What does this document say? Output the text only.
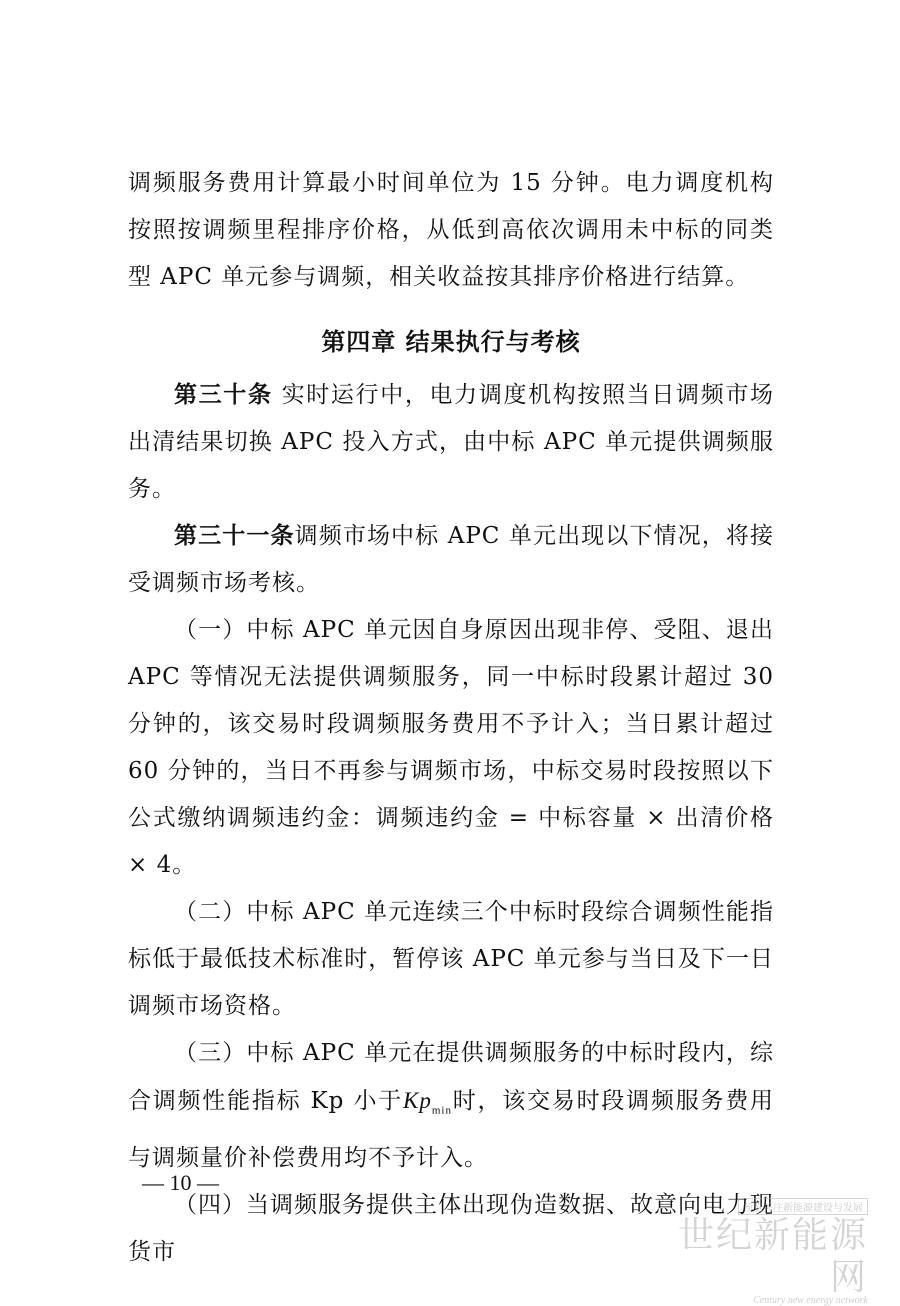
调频服务费用计算最小时间单位为 15 分钟。电力调度机构按照按调频里程排序价格，从低到高依次调用未中标的同类型 APC 单元参与调频，相关收益按其排序价格进行结算。

第四章 结果执行与考核

第三十条 实时运行中，电力调度机构按照当日调频市场出清结果切换 APC 投入方式，由中标 APC 单元提供调频服务。

第三十一条调频市场中标 APC 单元出现以下情况，将接受调频市场考核。

（一）中标 APC 单元因自身原因出现非停、受阻、退出 APC 等情况无法提供调频服务，同一中标时段累计超过 30 分钟的，该交易时段调频服务费用不予计入；当日累计超过 60 分钟的，当日不再参与调频市场，中标交易时段按照以下公式缴纳调频违约金：调频违约金 = 中标容量 × 出清价格 × 4。

（二）中标 APC 单元连续三个中标时段综合调频性能指标低于最低技术标准时，暂停该 APC 单元参与当日及下一日调频市场资格。

（三）中标 APC 单元在提供调频服务的中标时段内，综合调频性能指标 Kp 小于$Kp_{min}$时，该交易时段调频服务费用与调频量价补偿费用均不予计入。

（四）当调频服务提供主体出现伪造数据、故意向电力现货市

— 10 —
预览关注新能源建设与发展
世纪新能源网
Century new energy network
